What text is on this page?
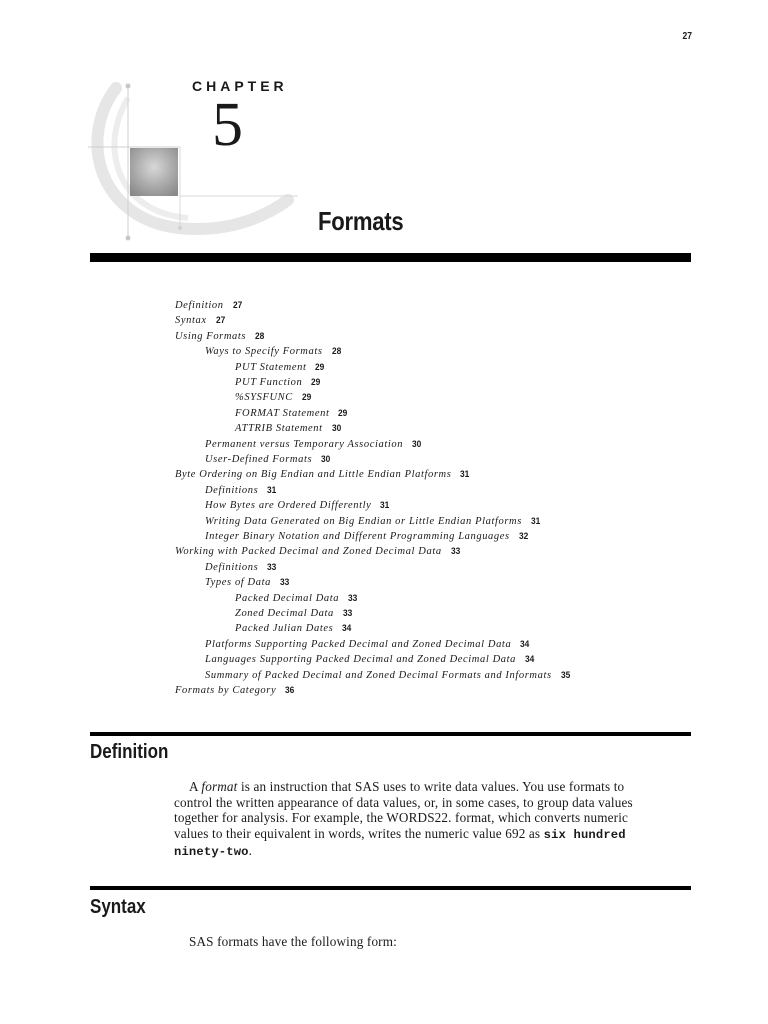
27
CHAPTER
5
Formats
Definition 27
Syntax 27
Using Formats 28
Ways to Specify Formats 28
PUT Statement 29
PUT Function 29
%SYSFUNC 29
FORMAT Statement 29
ATTRIB Statement 30
Permanent versus Temporary Association 30
User-Defined Formats 30
Byte Ordering on Big Endian and Little Endian Platforms 31
Definitions 31
How Bytes are Ordered Differently 31
Writing Data Generated on Big Endian or Little Endian Platforms 31
Integer Binary Notation and Different Programming Languages 32
Working with Packed Decimal and Zoned Decimal Data 33
Definitions 33
Types of Data 33
Packed Decimal Data 33
Zoned Decimal Data 33
Packed Julian Dates 34
Platforms Supporting Packed Decimal and Zoned Decimal Data 34
Languages Supporting Packed Decimal and Zoned Decimal Data 34
Summary of Packed Decimal and Zoned Decimal Formats and Informats 35
Formats by Category 36
Definition
A format is an instruction that SAS uses to write data values. You use formats to
control the written appearance of data values, or, in some cases, to group data values
together for analysis. For example, the WORDS22. format, which converts numeric
values to their equivalent in words, writes the numeric value 692 as six hundred
ninety-two.
Syntax
SAS formats have the following form:
